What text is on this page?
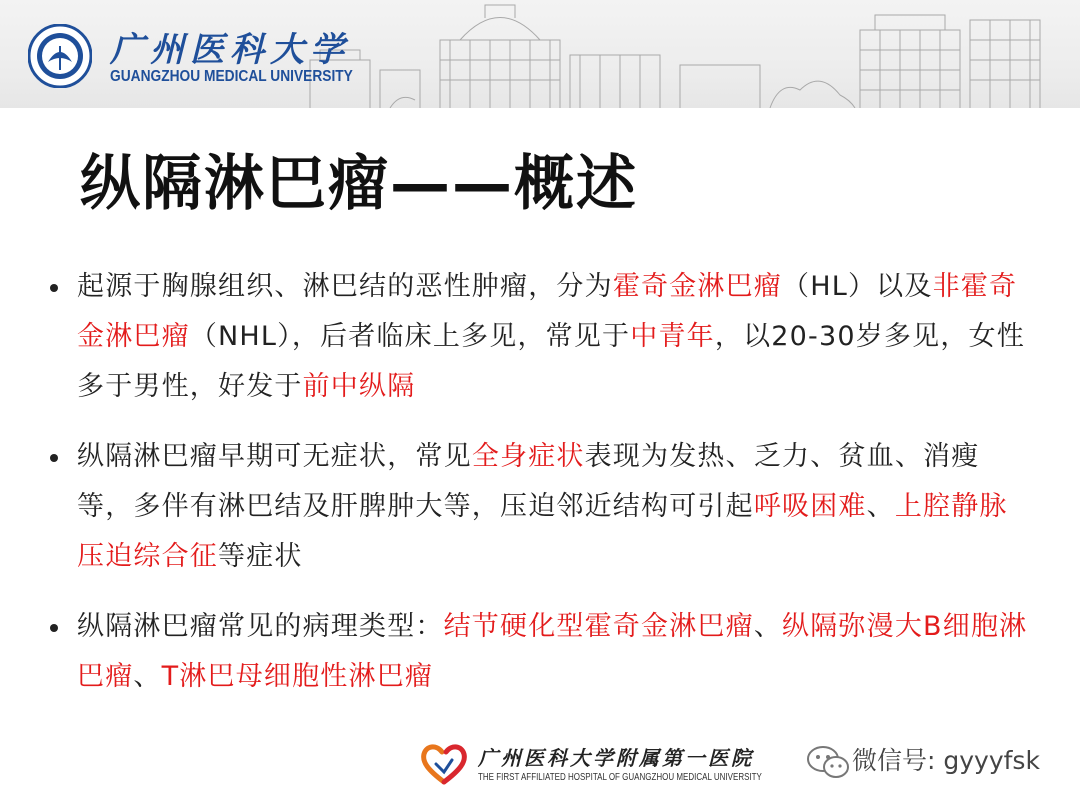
广州医科大学
GUANGZHOU MEDICAL UNIVERSITY
纵隔淋巴瘤——概述
起源于胸腺组织、淋巴结的恶性肿瘤，分为霍奇金淋巴瘤（HL）以及非霍奇金淋巴瘤（NHL），后者临床上多见，常见于中青年，以20-30岁多见，女性多于男性，好发于前中纵隔
纵隔淋巴瘤早期可无症状，常见全身症状表现为发热、乏力、贫血、消瘦等，多伴有淋巴结及肝脾肿大等，压迫邻近结构可引起呼吸困难、上腔静脉压迫综合征等症状
纵隔淋巴瘤常见的病理类型：结节硬化型霍奇金淋巴瘤、纵隔弥漫大B细胞淋巴瘤、T淋巴母细胞性淋巴瘤
广州医科大学附属第一医院
THE FIRST AFFILIATED HOSPITAL OF GUANGZHOU MEDICAL UNIVERSITY
微信号: gyyyfsk
